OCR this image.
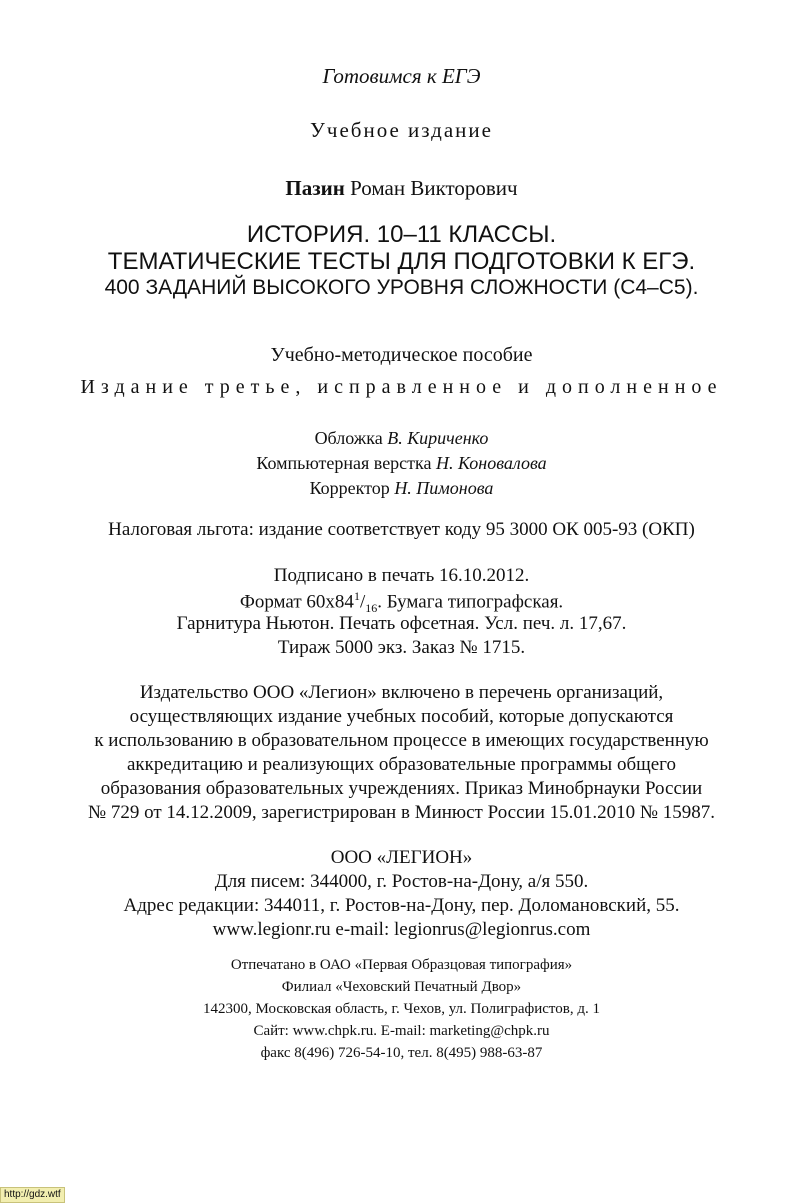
Готовимся к ЕГЭ

Учебное издание

Пазин Роман Викторович

ИСТОРИЯ. 10–11 КЛАССЫ.

ТЕМАТИЧЕСКИЕ ТЕСТЫ ДЛЯ ПОДГОТОВКИ К ЕГЭ.

400 ЗАДАНИЙ ВЫСОКОГО УРОВНЯ СЛОЖНОСТИ (С4–С5).

Учебно-методическое пособие

Издание третье, исправленное и дополненное

Обложка В. Кириченко

Компьютерная верстка Н. Коновалова

Корректор Н. Пимонова

Налоговая льгота: издание соответствует коду 95 3000 ОК 005-93 (ОКП)

Подписано в печать 16.10.2012.

Формат $60x84^1/_{16}$. Бумага типографская.

Гарнитура Ньютон. Печать офсетная. Усл. печ. л. 17,67.

Тираж 5000 экз. Заказ № 1715.

Издательство ООО «Легион» включено в перечень организаций,

осуществляющих издание учебных пособий, которые допускаются

к использованию в образовательном процессе в имеющих государственную

аккредитацию и реализующих образовательные программы общего

образования образовательных учреждениях. Приказ Минобрнауки России

№ 729 от 14.12.2009, зарегистрирован в Минюст России 15.01.2010 № 15987.

ООО «ЛЕГИОН»

Для писем: 344000, г. Ростов-на-Дону, а/я 550.

Адрес редакции: 344011, г. Ростов-на-Дону, пер. Доломановский, 55.

www.legionr.ru e-mail: legionrus@legionrus.com

Отпечатано в ОАО «Первая Образцовая типография»

Филиал «Чеховский Печатный Двор»

142300, Московская область, г. Чехов, ул. Полиграфистов, д. 1

Сайт: www.chpk.ru. E-mail: marketing@chpk.ru

факс 8(496) 726-54-10, тел. 8(495) 988-63-87

http://gdz.wtf
